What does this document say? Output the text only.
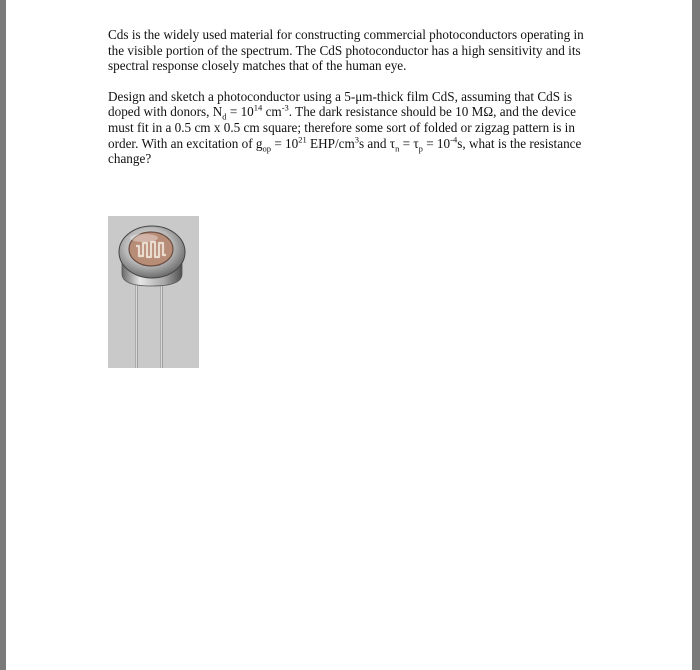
Cds is the widely used material for constructing commercial photoconductors operating in the visible portion of the spectrum. The CdS photoconductor has a high sensitivity and its spectral response closely matches that of the human eye.

Design and sketch a photoconductor using a 5-μm-thick film CdS, assuming that CdS is doped with donors, $N_d = 10^{14}$ $cm^{-3}$. The dark resistance should be 10 MΩ, and the device must fit in a 0.5 cm x 0.5 cm square; therefore some sort of folded or zigzag pattern is in order. With an excitation of $g_{op} = 10^{21}$ EHP/$cm^3s$ and $\tau_n = \tau_p = 10^{-4}s$, what is the resistance change?
